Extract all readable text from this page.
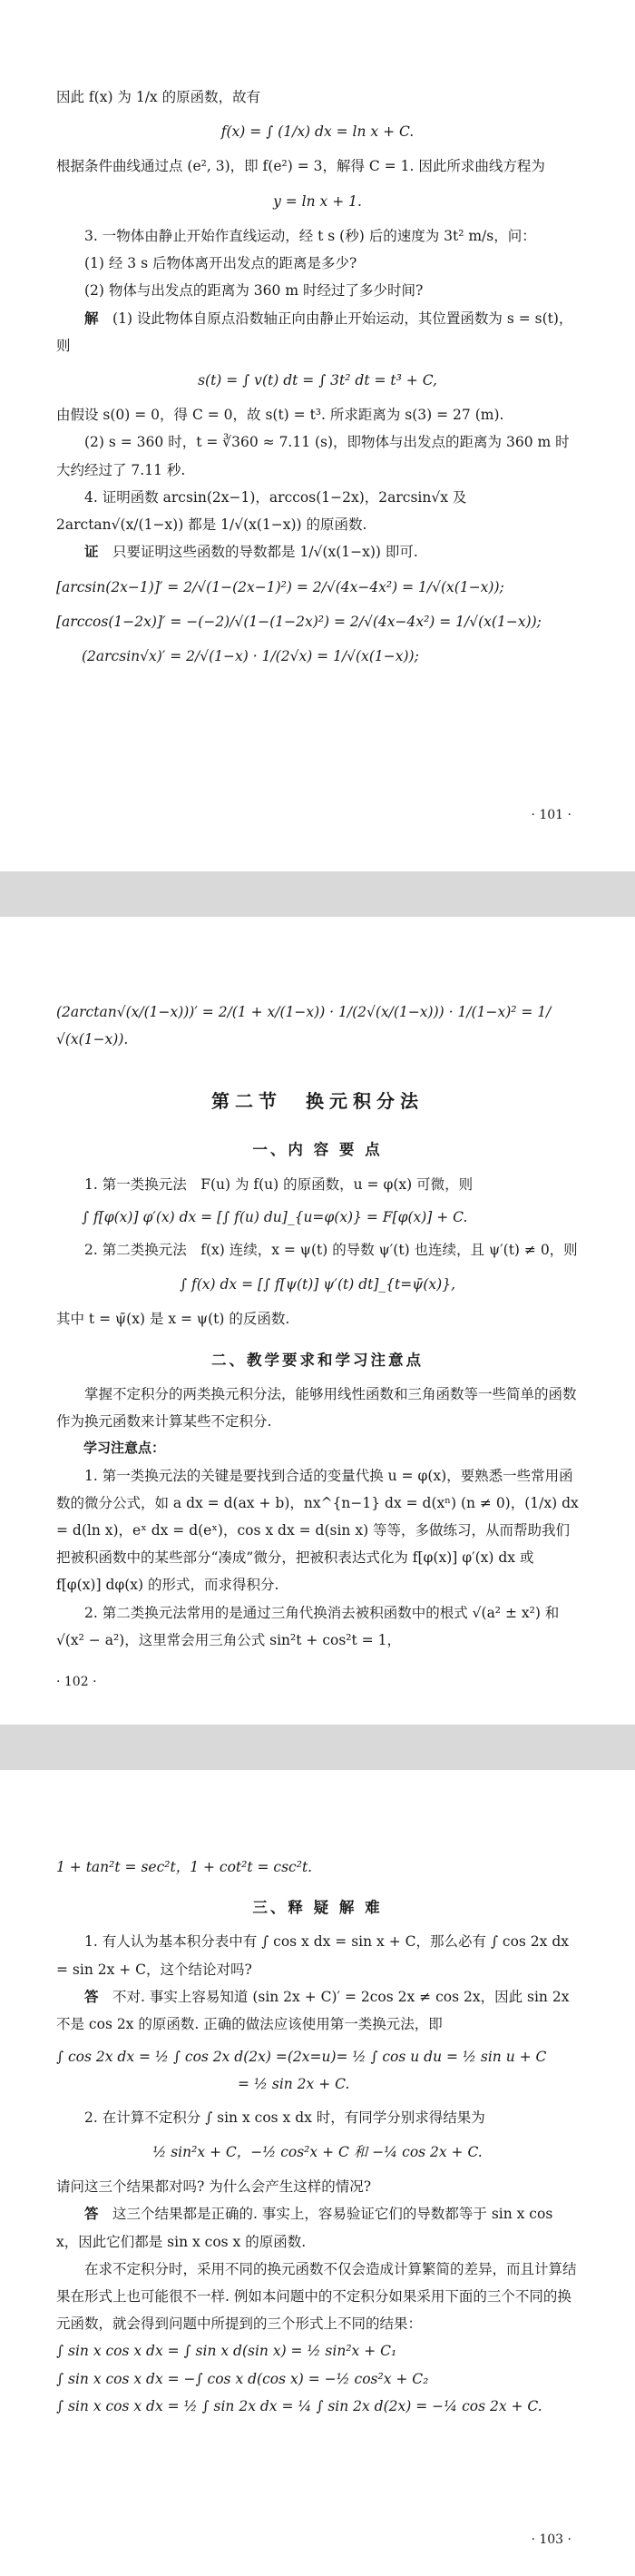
因此 f(x) 为 1/x 的原函数，故有

f(x) = ∫ (1/x) dx = ln x + C.

根据条件曲线通过点 (e², 3)，即 f(e²) = 3，解得 C = 1. 因此所求曲线方程为

y = ln x + 1.

3. 一物体由静止开始作直线运动，经 t s (秒) 后的速度为 3t² m/s，问：

(1) 经 3 s 后物体离开出发点的距离是多少?

(2) 物体与出发点的距离为 360 m 时经过了多少时间?

解　 (1) 设此物体自原点沿数轴正向由静止开始运动，其位置函数为 s = s(t)，则

s(t) = ∫ v(t) dt = ∫ 3t² dt = t³ + C,

由假设 s(0) = 0，得 C = 0，故 s(t) = t³. 所求距离为 s(3) = 27 (m).

(2) s = 360 时，t = ∛360 ≈ 7.11 (s)，即物体与出发点的距离为 360 m 时大约经过了 7.11 秒.

4. 证明函数 arcsin(2x−1)，arccos(1−2x)，2arcsin√x 及 2arctan√(x/(1−x)) 都是 1/√(x(1−x)) 的原函数.

证　 只要证明这些函数的导数都是 1/√(x(1−x)) 即可.

[arcsin(2x−1)]′ = 2/√(1−(2x−1)²) = 2/√(4x−4x²) = 1/√(x(1−x));

[arccos(1−2x)]′ = −(−2)/√(1−(1−2x)²) = 2/√(4x−4x²) = 1/√(x(1−x));

(2arcsin√x)′ = 2/√(1−x) · 1/(2√x) = 1/√(x(1−x));

· 101 ·

(2arctan√(x/(1−x)))′ = 2/(1 + x/(1−x)) · 1/(2√(x/(1−x))) · 1/(1−x)² = 1/√(x(1−x)).

第二节　换元积分法
一、内 容 要 点

1. 第一类换元法　F(u) 为 f(u) 的原函数，u = φ(x) 可微，则

∫ f[φ(x)] φ′(x) dx = [∫ f(u) du]_{u=φ(x)} = F[φ(x)] + C.

2. 第二类换元法　f(x) 连续，x = ψ(t) 的导数 ψ′(t) 也连续，且 ψ′(t) ≠ 0，则

∫ f(x) dx = [∫ f[ψ(t)] ψ′(t) dt]_{t=ψ̄(x)},

其中 t = ψ̄(x) 是 x = ψ(t) 的反函数.

二、教学要求和学习注意点

掌握不定积分的两类换元积分法，能够用线性函数和三角函数等一些简单的函数作为换元函数来计算某些不定积分.

学习注意点：

1. 第一类换元法的关键是要找到合适的变量代换 u = φ(x)，要熟悉一些常用函数的微分公式，如 a dx = d(ax + b)，nx^{n−1} dx = d(xⁿ) (n ≠ 0)，(1/x) dx = d(ln x)，eˣ dx = d(eˣ)，cos x dx = d(sin x) 等等，多做练习，从而帮助我们把被积函数中的某些部分“凑成”微分，把被积表达式化为 f[φ(x)] φ′(x) dx 或 f[φ(x)] dφ(x) 的形式，而求得积分.

2. 第二类换元法常用的是通过三角代换消去被积函数中的根式 √(a² ± x²) 和 √(x² − a²)，这里常会用三角公式 sin²t + cos²t = 1，

· 102 ·

1 + tan²t = sec²t，1 + cot²t = csc²t.

三、释 疑 解 难

1. 有人认为基本积分表中有 ∫ cos x dx = sin x + C，那么必有 ∫ cos 2x dx = sin 2x + C，这个结论对吗?

答　 不对. 事实上容易知道 (sin 2x + C)′ = 2cos 2x ≠ cos 2x，因此 sin 2x 不是 cos 2x 的原函数. 正确的做法应该使用第一类换元法，即

∫ cos 2x dx = ½ ∫ cos 2x d(2x) =(2x=u)= ½ ∫ cos u du = ½ sin u + C

= ½ sin 2x + C.

2. 在计算不定积分 ∫ sin x cos x dx 时，有同学分别求得结果为

½ sin²x + C，−½ cos²x + C 和 −¼ cos 2x + C.

请问这三个结果都对吗? 为什么会产生这样的情况?

答　 这三个结果都是正确的. 事实上，容易验证它们的导数都等于 sin x cos x，因此它们都是 sin x cos x 的原函数.

在求不定积分时，采用不同的换元函数不仅会造成计算繁简的差异，而且计算结果在形式上也可能很不一样. 例如本问题中的不定积分如果采用下面的三个不同的换元函数，就会得到问题中所提到的三个形式上不同的结果：

∫ sin x cos x dx = ∫ sin x d(sin x) = ½ sin²x + C₁

∫ sin x cos x dx = −∫ cos x d(cos x) = −½ cos²x + C₂

∫ sin x cos x dx = ½ ∫ sin 2x dx = ¼ ∫ sin 2x d(2x) = −¼ cos 2x + C.

· 103 ·
